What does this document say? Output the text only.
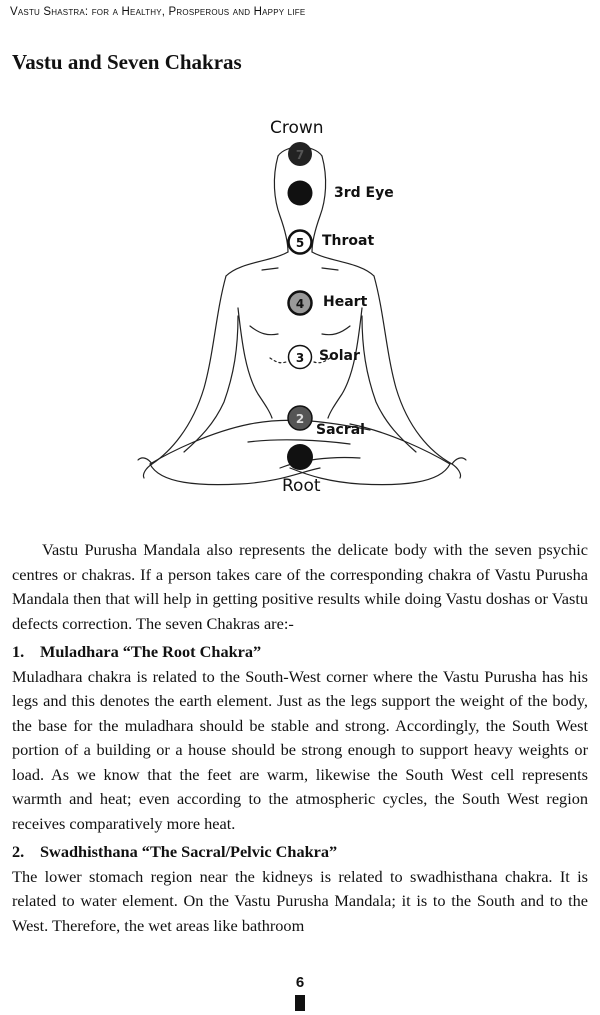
Vastu Shastra: for a Healthy, Prosperous and Happy life
Vastu and Seven Chakras
7
5
4
3
2
Crown
3rd Eye
Throat
Heart
Solar
Sacral
Root

Vastu Purusha Mandala also represents the delicate body with the seven psychic centres or chakras. If a person takes care of the corresponding chakra of Vastu Purusha Mandala then that will help in getting positive results while doing Vastu doshas or Vastu defects correction. The seven Chakras are:-

1. Muladhara “The Root Chakra”

Muladhara chakra is related to the South-West corner where the Vastu Purusha has his legs and this denotes the earth element. Just as the legs support the weight of the body, the base for the muladhara should be stable and strong. Accordingly, the South West portion of a building or a house should be strong enough to support heavy weights or load. As we know that the feet are warm, likewise the South West cell represents warmth and heat; even according to the atmospheric cycles, the South West region receives comparatively more heat.

2. Swadhisthana “The Sacral/Pelvic Chakra”

The lower stomach region near the kidneys is related to swadhisthana chakra. It is related to water element. On the Vastu Purusha Mandala; it is to the South and to the West. Therefore, the wet areas like bathroom

6
